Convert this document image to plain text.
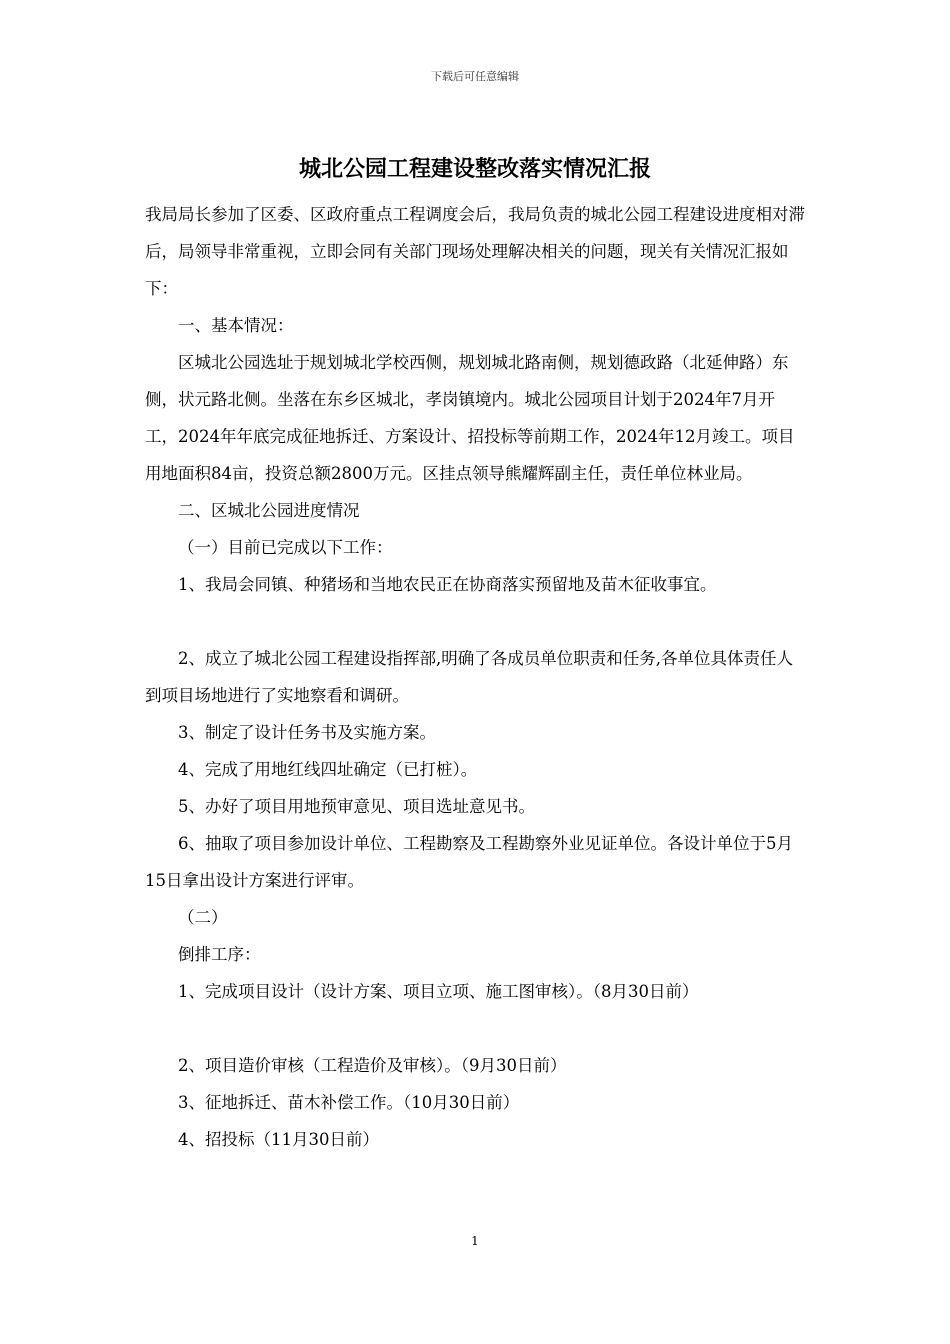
下载后可任意编辑
城北公园工程建设整改落实情况汇报

我局局长参加了区委、区政府重点工程调度会后，我局负责的城北公园工程建设进度相对滞后，局领导非常重视，立即会同有关部门现场处理解决相关的问题，现关有关情况汇报如下：

一、基本情况：

区城北公园选址于规划城北学校西侧，规划城北路南侧，规划德政路（北延伸路）东侧，状元路北侧。坐落在东乡区城北，孝岗镇境内。城北公园项目计划于2024年7月开工，2024年年底完成征地拆迁、方案设计、招投标等前期工作，2024年12月竣工。项目用地面积84亩，投资总额2800万元。区挂点领导熊耀辉副主任，责任单位林业局。

二、区城北公园进度情况

（一）目前已完成以下工作：

1、我局会同镇、种猪场和当地农民正在协商落实预留地及苗木征收事宜。

2、成立了城北公园工程建设指挥部,明确了各成员单位职责和任务,各单位具体责任人到项目场地进行了实地察看和调研。

3、制定了设计任务书及实施方案。

4、完成了用地红线四址确定（已打桩）。

5、办好了项目用地预审意见、项目选址意见书。

6、抽取了项目参加设计单位、工程勘察及工程勘察外业见证单位。各设计单位于5月15日拿出设计方案进行评审。

（二）

倒排工序：

1、完成项目设计（设计方案、项目立项、施工图审核）。（8月30日前）

2、项目造价审核（工程造价及审核）。（9月30日前）

3、征地拆迁、苗木补偿工作。（10月30日前）

4、招投标（11月30日前）

1
